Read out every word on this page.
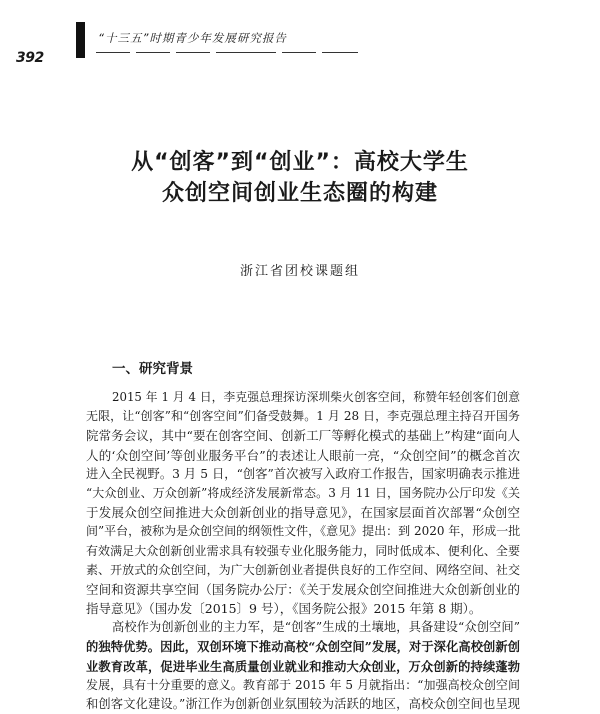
392
“十三五”时期青少年发展研究报告
从“创客”到“创业”：高校大学生
众创空间创业生态圈的构建
浙江省团校课题组
一、研究背景
2015 年 1 月 4 日，李克强总理探访深圳柴火创客空间，称赞年轻创客们创意
无限，让“创客”和“创客空间”们备受鼓舞。1 月 28 日，李克强总理主持召开国务
院常务会议，其中“要在创客空间、创新工厂等孵化模式的基础上”构建“面向人
人的‘众创空间’等创业服务平台”的表述让人眼前一亮，“众创空间”的概念首次
进入全民视野。3 月 5 日，“创客”首次被写入政府工作报告，国家明确表示推进
“大众创业、万众创新”将成经济发展新常态。3 月 11 日，国务院办公厅印发《关
于发展众创空间推进大众创新创业的指导意见》，在国家层面首次部署“众创空
间”平台，被称为是众创空间的纲领性文件，《意见》提出：到 2020 年，形成一批
有效满足大众创新创业需求具有较强专业化服务能力，同时低成本、便利化、全要
素、开放式的众创空间，为广大创新创业者提供良好的工作空间、网络空间、社交
空间和资源共享空间（国务院办公厅：《关于发展众创空间推进大众创新创业的
指导意见》（国办发〔2015〕9 号），《国务院公报》2015 年第 8 期）。
高校作为创新创业的主力军，是“创客”生成的土壤地，具备建设“众创空间”
的独特优势。因此，双创环境下推动高校“众创空间”发展，对于深化高校创新创
业教育改革，促进毕业生高质量创业就业和推动大众创业，万众创新的持续蓬勃
发展，具有十分重要的意义。教育部于 2015 年 5 月就指出：“加强高校众创空间
和创客文化建设。”浙江作为创新创业氛围较为活跃的地区，高校众创空间也呈现
